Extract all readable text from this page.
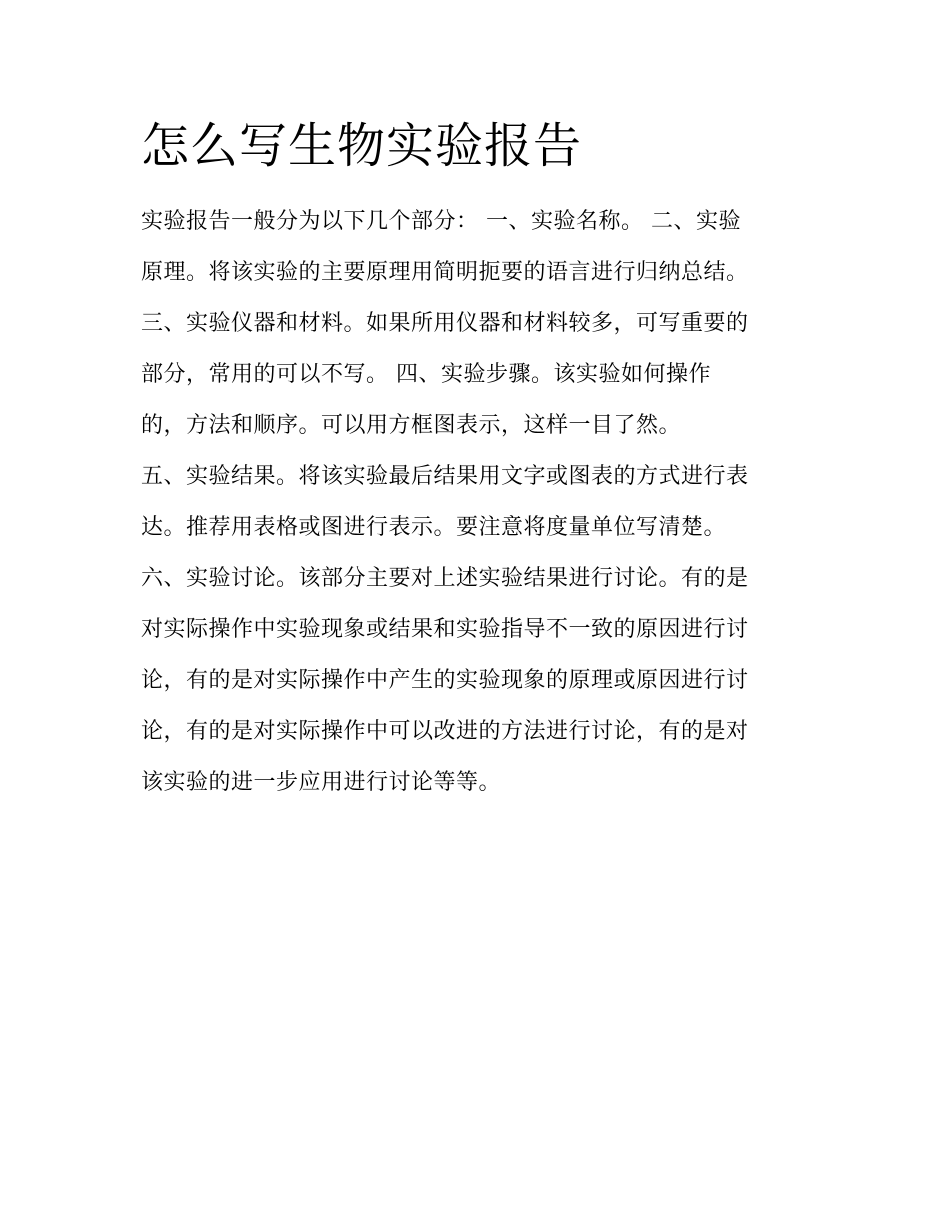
怎么写生物实验报告
实验报告一般分为以下几个部分： 一、实验名称。 二、实验
原理。将该实验的主要原理用简明扼要的语言进行归纳总结。
三、实验仪器和材料。如果所用仪器和材料较多，可写重要的
部分，常用的可以不写。 四、实验步骤。该实验如何操作
的，方法和顺序。可以用方框图表示，这样一目了然。
五、实验结果。将该实验最后结果用文字或图表的方式进行表
达。推荐用表格或图进行表示。要注意将度量单位写清楚。
六、实验讨论。该部分主要对上述实验结果进行讨论。有的是
对实际操作中实验现象或结果和实验指导不一致的原因进行讨
论，有的是对实际操作中产生的实验现象的原理或原因进行讨
论，有的是对实际操作中可以改进的方法进行讨论，有的是对
该实验的进一步应用进行讨论等等。
